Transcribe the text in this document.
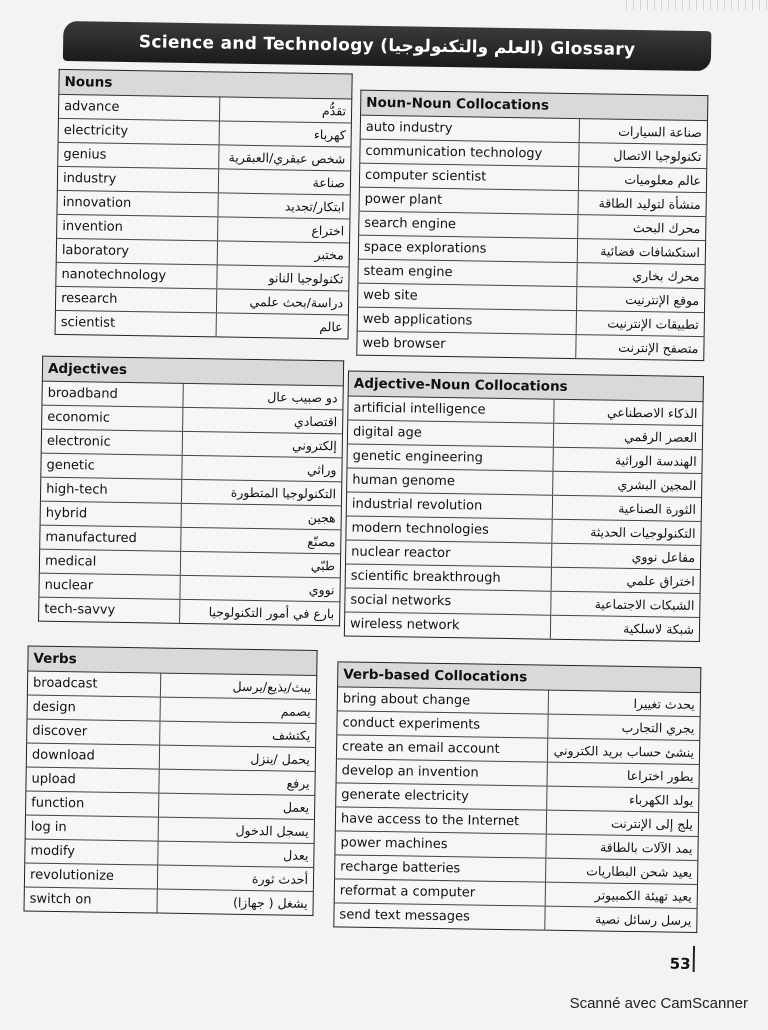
Science and Technology (العلم والتكنولوجيا) Glossary
Nouns	
advance	تقدُّم
electricity	كهرباء
genius	شخص عبقري/العبقرية
industry	صناعة
innovation	ابتكار/تجديد
invention	اختراع
laboratory	مختبر
nanotechnology	تكنولوجيا النانو
research	دراسة/بحث علمي
scientist	عالم
Noun-Noun Collocations	
auto industry	صناعة السيارات
communication technology	تكنولوجيا الاتصال
computer scientist	عالم معلوميات
power plant	منشأة لتوليد الطاقة
search engine	محرك البحث
space explorations	استكشافات فضائية
steam engine	محرك بخاري
web site	موقع الإنترنيت
web applications	تطبيقات الإنترنيت
web browser	متصفح الإنترنت
Adjectives	
broadband	دو صبيب عال
economic	اقتصادي
electronic	إلكتروني
genetic	وراثي
high-tech	التكنولوجيا المتطورة
hybrid	هجين
manufactured	مصنّع
medical	طبّي
nuclear	نووي
tech-savvy	بارع في أمور التكنولوجيا
Adjective-Noun Collocations	
artificial intelligence	الذكاء الاصطناعي
digital age	العصر الرقمي
genetic engineering	الهندسة الوراثية
human genome	المجين البشري
industrial revolution	الثورة الصناعية
modern technologies	التكنولوجيات الحديثة
nuclear reactor	مفاعل نووي
scientific breakthrough	اختراق علمي
social networks	الشبكات الاجتماعية
wireless network	شبكة لاسلكية
Verbs	
broadcast	يبث/يذيع/يرسل
design	يصمم
discover	يكتشف
download	يحمل /ينزل
upload	يرفع
function	يعمل
log in	يسجل الدخول
modify	يعدل
revolutionize	أحدث ثورة
switch on	يشغل ( جهازا)
Verb-based Collocations	
bring about change	يحدث تغييرا
conduct experiments	يجري التجارب
create an email account	ينشئ حساب بريد الكتروني
develop an invention	يطور اختراعا
generate electricity	يولد الكهرباء
have access to the Internet	يلج إلى الإنترنت
power machines	يمد الآلات بالطاقة
recharge batteries	يعيد شحن البطاريات
reformat a computer	يعيد تهيئة الكمبيوتر
send text messages	يرسل رسائل نصية
53
Scanné avec CamScanner
